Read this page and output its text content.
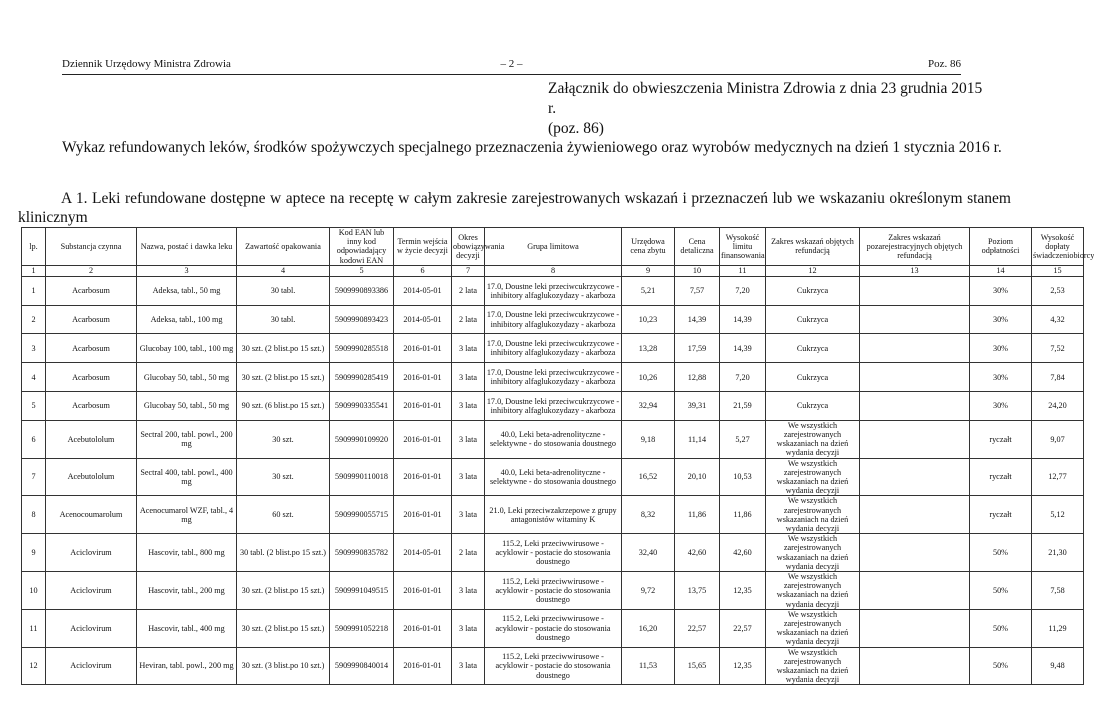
Dziennik Urzędowy Ministra Zdrowia	– 2 –	Poz. 86
Załącznik do obwieszczenia Ministra Zdrowia z dnia 23 grudnia 2015 r.
(poz. 86)
Wykaz refundowanych leków, środków spożywczych specjalnego przeznaczenia żywieniowego oraz wyrobów medycznych na dzień 1 stycznia 2016 r.
A 1. Leki refundowane dostępne w aptece na receptę w całym zakresie zarejestrowanych wskazań i przeznaczeń lub we wskazaniu określonym stanem klinicznym
lp.	Substancja czynna	Nazwa, postać i dawka leku	Zawartość opakowania	Kod EAN lub inny kod odpowiadający kodowi EAN	Termin wejścia w życie decyzji	Okres obowiązywania decyzji	Grupa limitowa	Urzędowa cena zbytu	Cena detaliczna	Wysokość limitu finansowania	Zakres wskazań objętych refundacją	Zakres wskazań pozarejestracyjnych objętych refundacją	Poziom odpłatności	Wysokość dopłaty świadczeniobiorcy
1	2	3	4	5	6	7	8	9	10	11	12	13	14	15
1	Acarbosum	Adeksa, tabl., 50 mg	30 tabl.	5909990893386	2014-05-01	2 lata	17.0, Doustne leki przeciwcukrzycowe - inhibitory alfaglukozydazy - akarboza	5,21	7,57	7,20	Cukrzyca		30%	2,53
2	Acarbosum	Adeksa, tabl., 100 mg	30 tabl.	5909990893423	2014-05-01	2 lata	17.0, Doustne leki przeciwcukrzycowe - inhibitory alfaglukozydazy - akarboza	10,23	14,39	14,39	Cukrzyca		30%	4,32
3	Acarbosum	Glucobay 100, tabl., 100 mg	30 szt. (2 blist.po 15 szt.)	5909990285518	2016-01-01	3 lata	17.0, Doustne leki przeciwcukrzycowe - inhibitory alfaglukozydazy - akarboza	13,28	17,59	14,39	Cukrzyca		30%	7,52
4	Acarbosum	Glucobay 50, tabl., 50 mg	30 szt. (2 blist.po 15 szt.)	5909990285419	2016-01-01	3 lata	17.0, Doustne leki przeciwcukrzycowe - inhibitory alfaglukozydazy - akarboza	10,26	12,88	7,20	Cukrzyca		30%	7,84
5	Acarbosum	Glucobay 50, tabl., 50 mg	90 szt. (6 blist.po 15 szt.)	5909990335541	2016-01-01	3 lata	17.0, Doustne leki przeciwcukrzycowe - inhibitory alfaglukozydazy - akarboza	32,94	39,31	21,59	Cukrzyca		30%	24,20
6	Acebutololum	Sectral 200, tabl. powl., 200 mg	30 szt.	5909990109920	2016-01-01	3 lata	40.0, Leki beta-adrenolityczne - selektywne - do stosowania doustnego	9,18	11,14	5,27	We wszystkich zarejestrowanych wskazaniach na dzień wydania decyzji		ryczałt	9,07
7	Acebutololum	Sectral 400, tabl. powl., 400 mg	30 szt.	5909990110018	2016-01-01	3 lata	40.0, Leki beta-adrenolityczne - selektywne - do stosowania doustnego	16,52	20,10	10,53	We wszystkich zarejestrowanych wskazaniach na dzień wydania decyzji		ryczałt	12,77
8	Acenocoumarolum	Acenocumarol WZF, tabl., 4 mg	60 szt.	5909990055715	2016-01-01	3 lata	21.0, Leki przeciwzakrzepowe z grupy antagonistów witaminy K	8,32	11,86	11,86	We wszystkich zarejestrowanych wskazaniach na dzień wydania decyzji		ryczałt	5,12
9	Aciclovirum	Hascovir, tabl., 800 mg	30 tabl. (2 blist.po 15 szt.)	5909990835782	2014-05-01	2 lata	115.2, Leki przeciwwirusowe - acyklowir - postacie do stosowania doustnego	32,40	42,60	42,60	We wszystkich zarejestrowanych wskazaniach na dzień wydania decyzji		50%	21,30
10	Aciclovirum	Hascovir, tabl., 200 mg	30 szt. (2 blist.po 15 szt.)	5909991049515	2016-01-01	3 lata	115.2, Leki przeciwwirusowe - acyklowir - postacie do stosowania doustnego	9,72	13,75	12,35	We wszystkich zarejestrowanych wskazaniach na dzień wydania decyzji		50%	7,58
11	Aciclovirum	Hascovir, tabl., 400 mg	30 szt. (2 blist.po 15 szt.)	5909991052218	2016-01-01	3 lata	115.2, Leki przeciwwirusowe - acyklowir - postacie do stosowania doustnego	16,20	22,57	22,57	We wszystkich zarejestrowanych wskazaniach na dzień wydania decyzji		50%	11,29
12	Aciclovirum	Heviran, tabl. powl., 200 mg	30 szt. (3 blist.po 10 szt.)	5909990840014	2016-01-01	3 lata	115.2, Leki przeciwwirusowe - acyklowir - postacie do stosowania doustnego	11,53	15,65	12,35	We wszystkich zarejestrowanych wskazaniach na dzień wydania decyzji		50%	9,48
